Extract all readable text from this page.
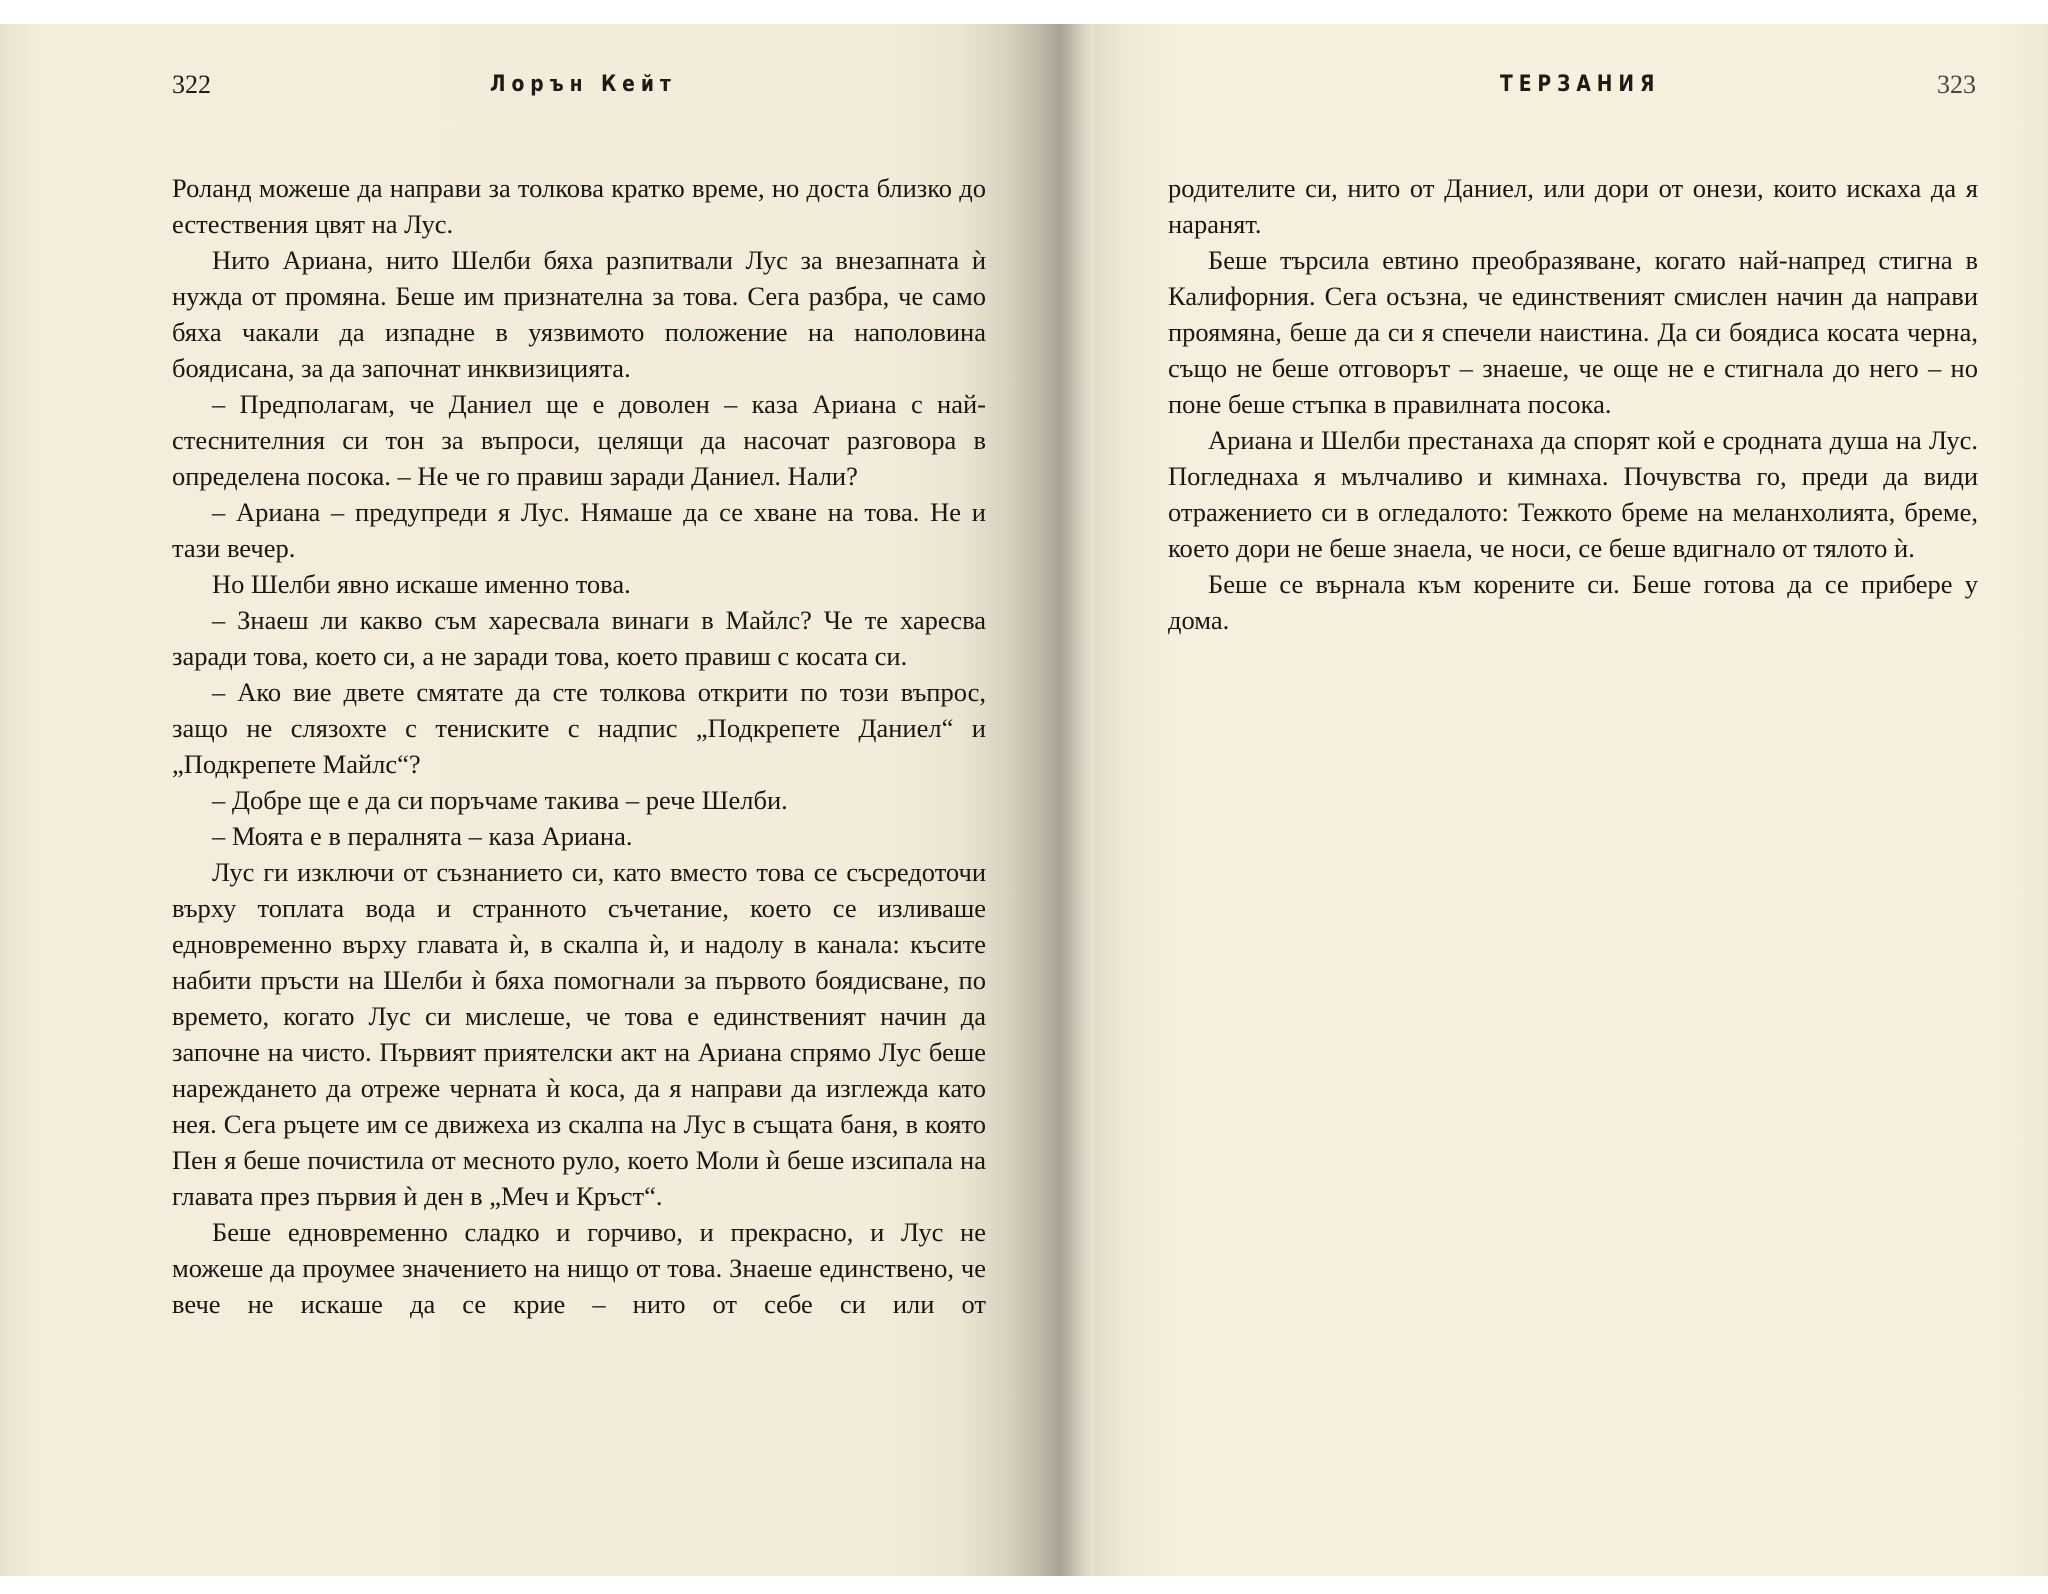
322	Лорън Кейт

Роланд можеше да направи за толкова кратко време, но доста близко до естествения цвят на Лус.

Нито Ариана, нито Шелби бяха разпитвали Лус за внезапната ѝ нужда от промяна. Беше им признателна за това. Сега разбра, че само бяха чакали да изпадне в уязвимото положение на наполовина боядисана, за да започнат инквизицията.

– Предполагам, че Даниел ще е доволен – каза Ариана с най-стеснителния си тон за въпроси, целящи да насочат разговора в определена посока. – Не че го правиш заради Даниел. Нали?

– Ариана – предупреди я Лус. Нямаше да се хване на това. Не и тази вечер.

Но Шелби явно искаше именно това.

– Знаеш ли какво съм харесвала винаги в Майлс? Че те харесва заради това, което си, а не заради това, което правиш с косата си.

– Ако вие двете смятате да сте толкова открити по този въпрос, защо не слязохте с тениските с надпис „Подкрепете Даниел“ и „Подкрепете Майлс“?

– Добре ще е да си поръчаме такива – рече Шелби.

– Моята е в пералнята – каза Ариана.

Лус ги изключи от съзнанието си, като вместо това се съсредоточи върху топлата вода и странното съчетание, което се изливаше едновременно върху главата ѝ, в скалпа ѝ, и надолу в канала: късите набити пръсти на Шелби ѝ бяха помогнали за първото боядисване, по времето, когато Лус си мислеше, че това е единственият начин да започне на чисто. Първият приятелски акт на Ариана спрямо Лус беше нареждането да отреже черната ѝ коса, да я направи да изглежда като нея. Сега ръцете им се движеха из скалпа на Лус в същата баня, в която Пен я беше почистила от месното руло, което Моли ѝ беше изсипала на главата през първия ѝ ден в „Меч и Кръст“.

Беше едновременно сладко и горчиво, и прекрасно, и Лус не можеше да проумее значението на нищо от това. Знаеше единствено, че вече не искаше да се крие – нито от себе си или от

ТЕРЗАНИЯ	323

родителите си, нито от Даниел, или дори от онези, които искаха да я наранят.

Беше търсила евтино преобразяване, когато най-напред стигна в Калифорния. Сега осъзна, че единственият смислен начин да направи проямяна, беше да си я спечели наистина. Да си боядиса косата черна, също не беше отговорът – знаеше, че още не е стигнала до него – но поне беше стъпка в правилната посока.

Ариана и Шелби престанаха да спорят кой е сродната душа на Лус. Погледнаха я мълчаливо и кимнаха. Почувства го, преди да види отражението си в огледалото: Тежкото бреме на меланхолията, бреме, което дори не беше знаела, че носи, се беше вдигнало от тялото ѝ.

Беше се върнала към корените си. Беше готова да се прибере у дома.
